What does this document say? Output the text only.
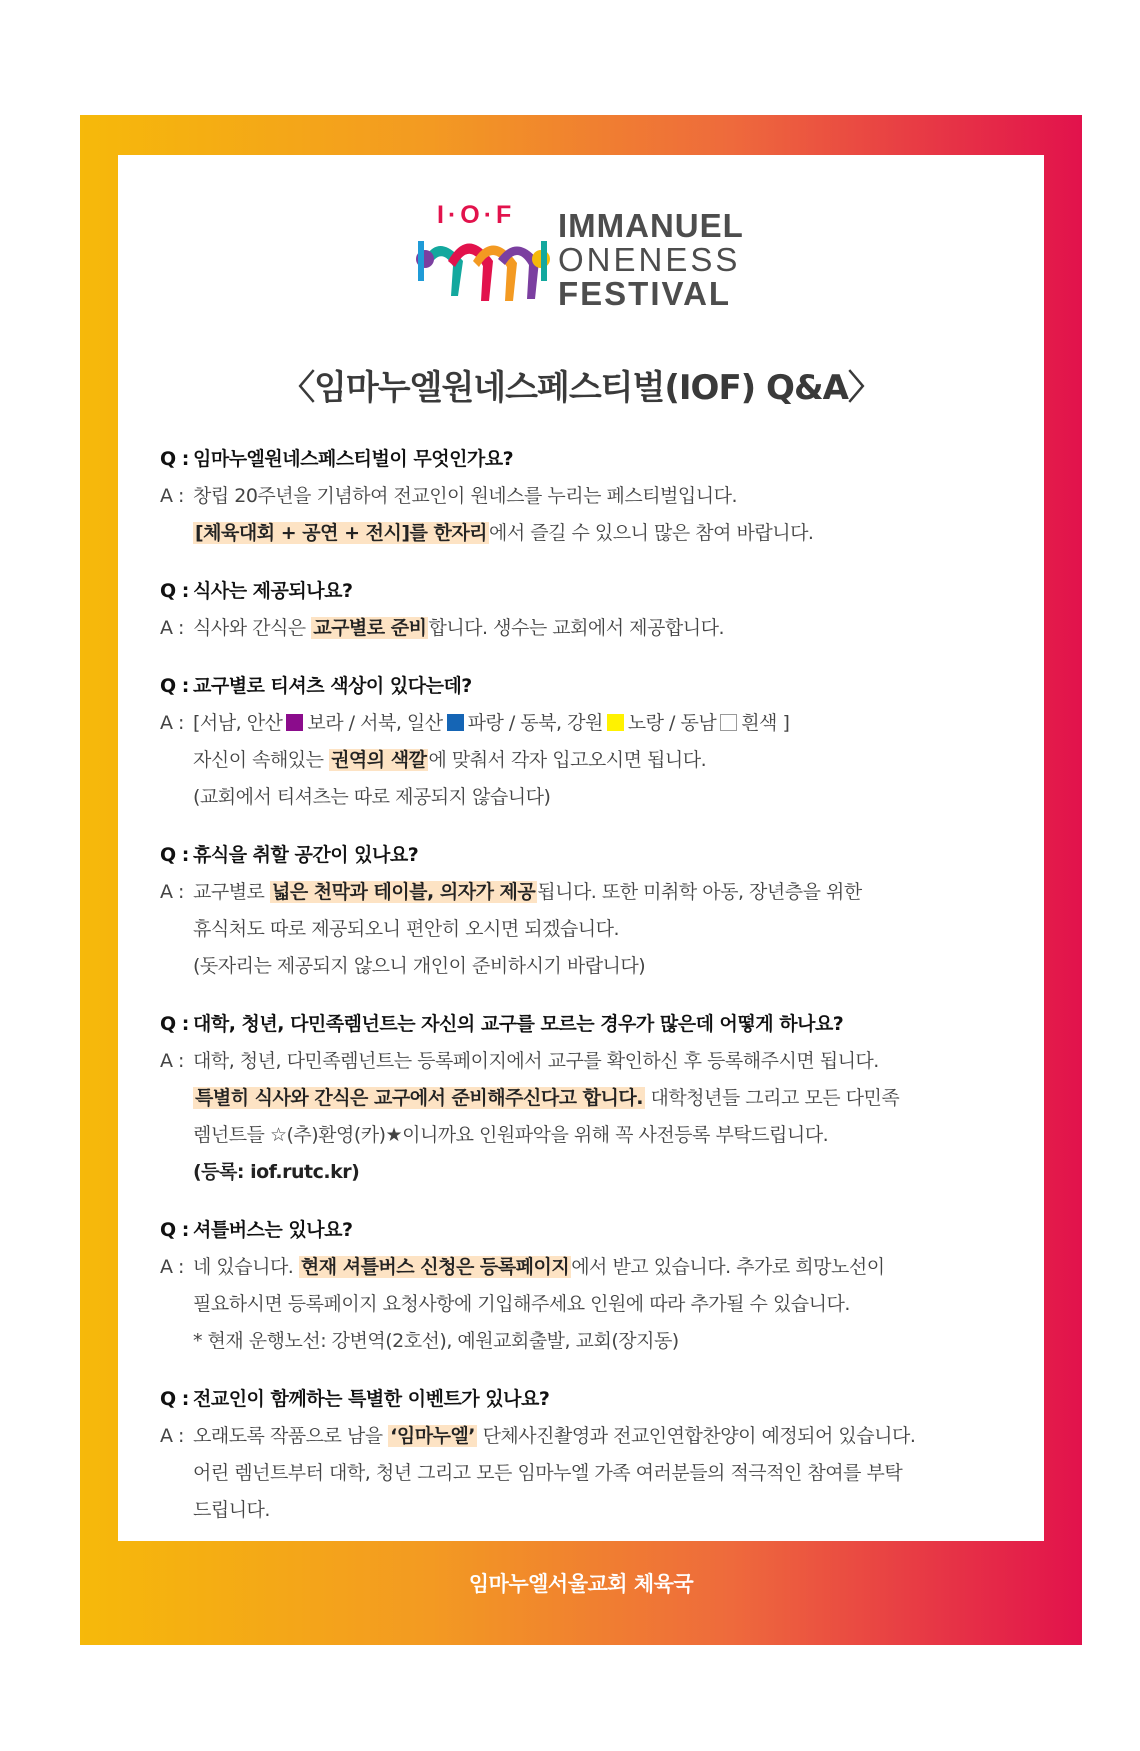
I·O·F IMMANUEL
ONENESS
FESTIVAL
〈임마누엘원네스페스티벌(IOF) Q&A〉
Q : 임마누엘원네스페스티벌이 무엇인가요?
A : 창립 20주년을 기념하여 전교인이 원네스를 누리는 페스티벌입니다.
[체육대회 + 공연 + 전시]를 한자리 에서 즐길 수 있으니 많은 참여 바랍니다.
Q : 식사는 제공되나요?
A : 식사와 간식은 교구별로 준비 합니다. 생수는 교회에서 제공합니다.
Q : 교구별로 티셔츠 색상이 있다는데?
A : [서남, 안산 보라 / 서북, 일산 파랑 / 동북, 강원 노랑 / 동남 흰색 ]
자신이 속해있는 권역의 색깔 에 맞춰서 각자 입고오시면 됩니다.
(교회에서 티셔츠는 따로 제공되지 않습니다)
Q : 휴식을 취할 공간이 있나요?
A : 교구별로 넓은 천막과 테이블, 의자가 제공 됩니다. 또한 미취학 아동, 장년층을 위한
휴식처도 따로 제공되오니 편안히 오시면 되겠습니다.
(돗자리는 제공되지 않으니 개인이 준비하시기 바랍니다)
Q : 대학, 청년, 다민족렘넌트는 자신의 교구를 모르는 경우가 많은데 어떻게 하나요?
A : 대학, 청년, 다민족렘넌트는 등록페이지에서 교구를 확인하신 후 등록해주시면 됩니다.
특별히 식사와 간식은 교구에서 준비해주신다고 합니다. 대학청년들 그리고 모든 다민족
렘넌트들 ☆(추)환영(카)★이니까요 인원파악을 위해 꼭 사전등록 부탁드립니다.
(등록: iof.rutc.kr)
Q : 셔틀버스는 있나요?
A : 네 있습니다. 현재 셔틀버스 신청은 등록페이지 에서 받고 있습니다. 추가로 희망노선이
필요하시면 등록페이지 요청사항에 기입해주세요 인원에 따라 추가될 수 있습니다.
* 현재 운행노선: 강변역(2호선), 예원교회출발, 교회(장지동)
Q : 전교인이 함께하는 특별한 이벤트가 있나요?
A : 오래도록 작품으로 남을 ‘임마누엘’ 단체사진촬영과 전교인연합찬양이 예정되어 있습니다.
어린 렘넌트부터 대학, 청년 그리고 모든 임마누엘 가족 여러분들의 적극적인 참여를 부탁
드립니다.
임마누엘서울교회 체육국
